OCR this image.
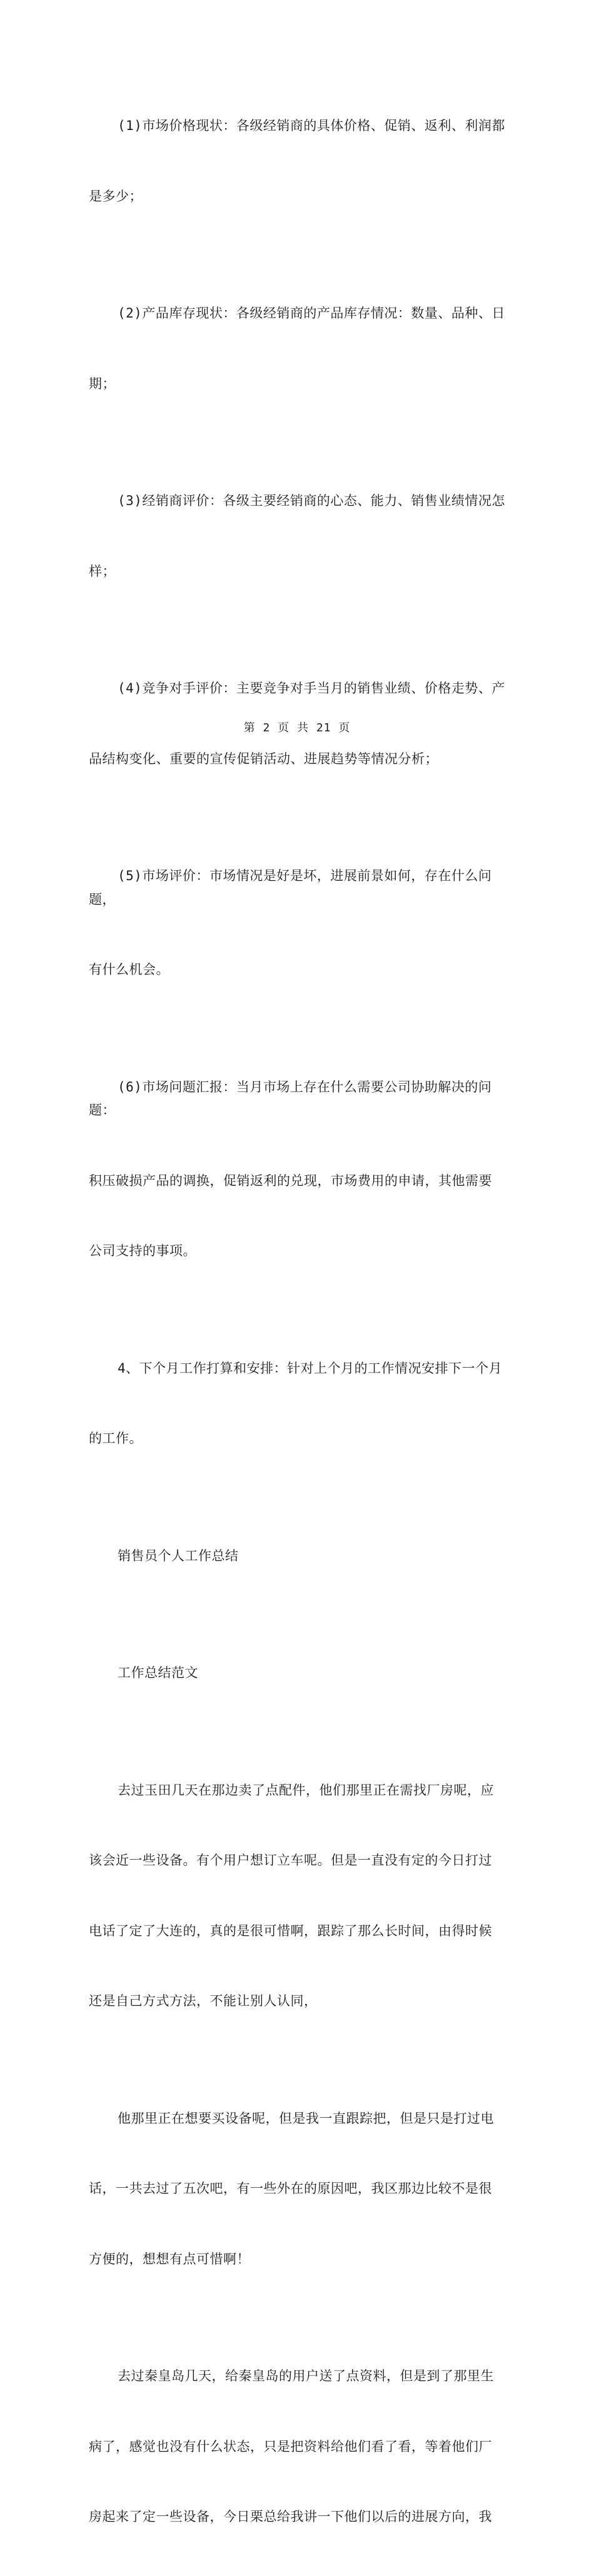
(1)市场价格现状：各级经销商的具体价格、促销、返利、利润都

是多少；

(2)产品库存现状：各级经销商的产品库存情况：数量、品种、日

期；

(3)经销商评价：各级主要经销商的心态、能力、销售业绩情况怎

样；

(4)竞争对手评价：主要竞争对手当月的销售业绩、价格走势、产

品结构变化、重要的宣传促销活动、进展趋势等情况分析；

(5)市场评价：市场情况是好是坏，进展前景如何，存在什么问题，

有什么机会。

(6)市场问题汇报：当月市场上存在什么需要公司协助解决的问题：

积压破损产品的调换，促销返利的兑现，市场费用的申请，其他需要

公司支持的事项。

4、下个月工作打算和安排：针对上个月的工作情况安排下一个月

的工作。

销售员个人工作总结

工作总结范文

去过玉田几天在那边卖了点配件，他们那里正在需找厂房呢，应

该会近一些设备。有个用户想订立车呢。但是一直没有定的今日打过

电话了定了大连的，真的是很可惜啊，跟踪了那么长时间，由得时候

还是自己方式方法，不能让别人认同，

他那里正在想要买设备呢，但是我一直跟踪把，但是只是打过电

话，一共去过了五次吧，有一些外在的原因吧，我区那边比较不是很

方便的，想想有点可惜啊！

去过秦皇岛几天，给秦皇岛的用户送了点资料，但是到了那里生

病了，感觉也没有什么状态，只是把资料给他们看了看，等着他们厂

房起来了定一些设备，今日栗总给我讲一下他们以后的进展方向，我

第 2 页 共 21 页
